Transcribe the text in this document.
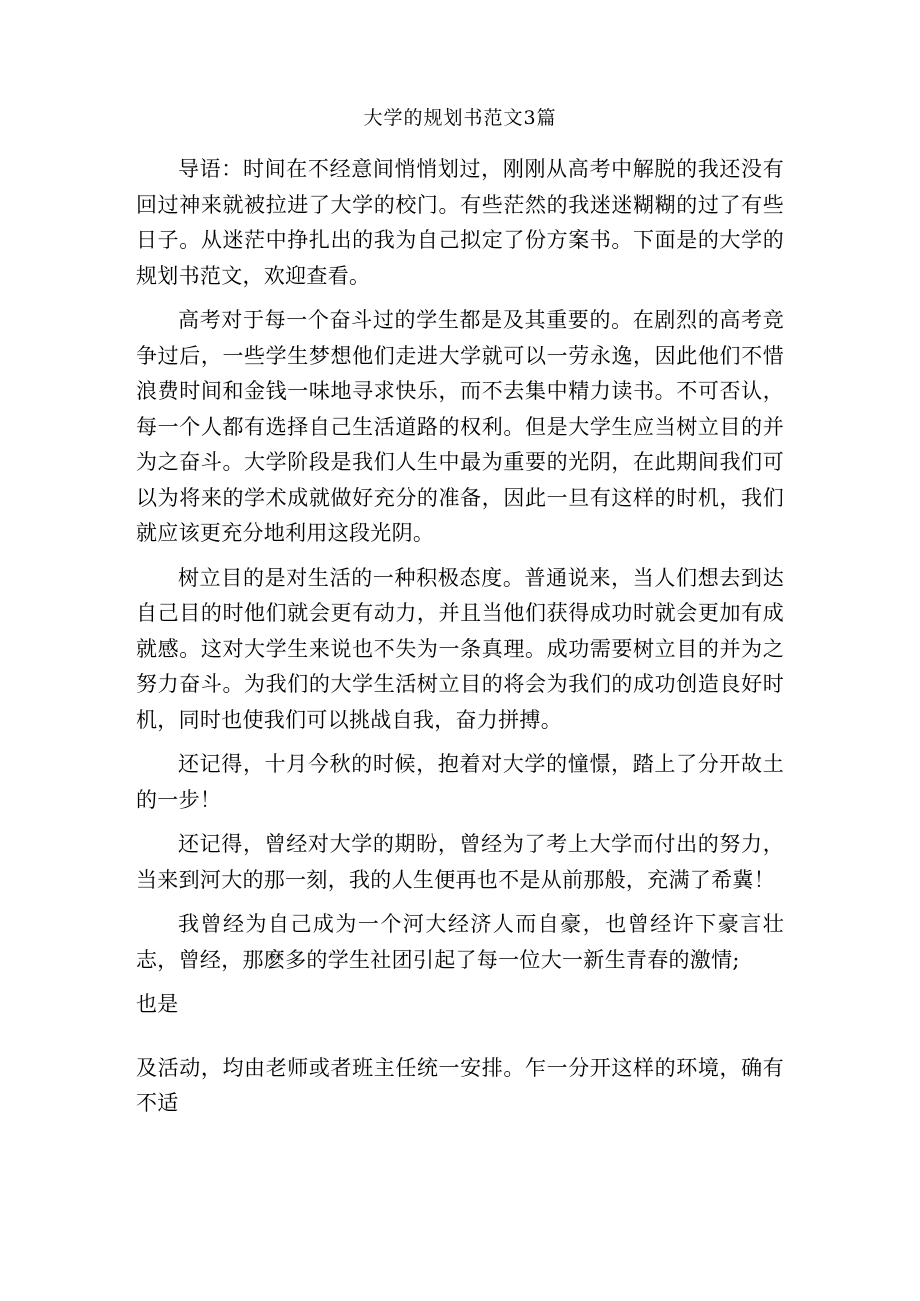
大学的规划书范文3篇

导语：时间在不经意间悄悄划过，刚刚从高考中解脱的我还没有回过神来就被拉进了大学的校门。有些茫然的我迷迷糊糊的过了有些日子。从迷茫中挣扎出的我为自己拟定了份方案书。下面是的大学的规划书范文，欢迎查看。

高考对于每一个奋斗过的学生都是及其重要的。在剧烈的高考竞争过后，一些学生梦想他们走进大学就可以一劳永逸，因此他们不惜浪费时间和金钱一味地寻求快乐，而不去集中精力读书。不可否认，每一个人都有选择自己生活道路的权利。但是大学生应当树立目的并为之奋斗。大学阶段是我们人生中最为重要的光阴，在此期间我们可以为将来的学术成就做好充分的准备，因此一旦有这样的时机，我们就应该更充分地利用这段光阴。

树立目的是对生活的一种积极态度。普通说来，当人们想去到达自己目的时他们就会更有动力，并且当他们获得成功时就会更加有成就感。这对大学生来说也不失为一条真理。成功需要树立目的并为之努力奋斗。为我们的大学生活树立目的将会为我们的成功创造良好时机，同时也使我们可以挑战自我，奋力拼搏。

还记得，十月今秋的时候，抱着对大学的憧憬，踏上了分开故土的一步！

还记得，曾经对大学的期盼，曾经为了考上大学而付出的努力，当来到河大的那一刻，我的人生便再也不是从前那般，充满了希冀！

我曾经为自己成为一个河大经济人而自豪，也曾经许下豪言壮志，曾经，那麽多的学生社团引起了每一位大一新生青春的激情;

也是

及活动，均由老师或者班主任统一安排。乍一分开这样的环境，确有不适
